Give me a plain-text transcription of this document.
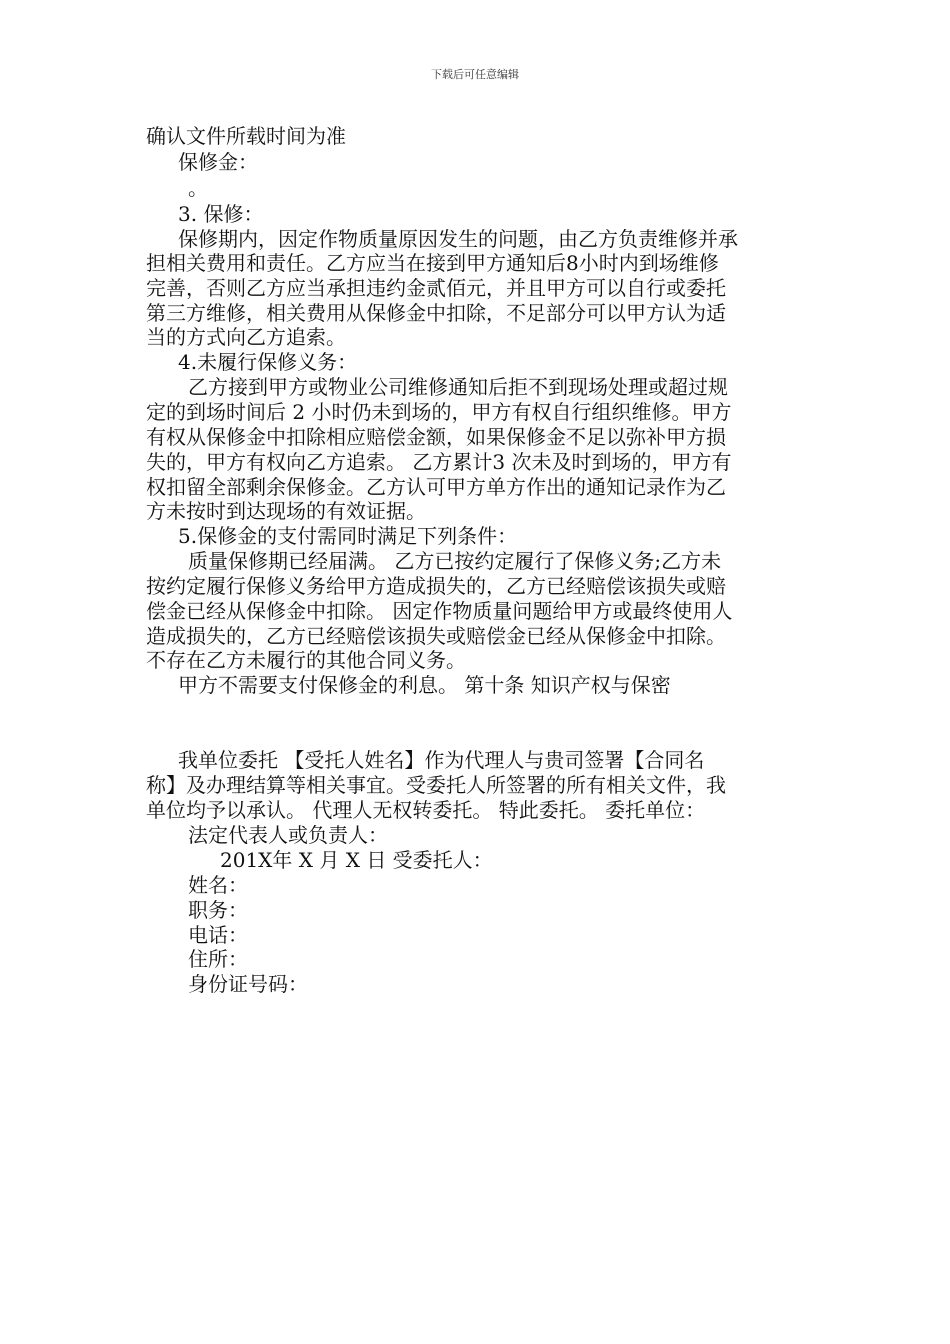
下载后可任意编辑
确认文件所载时间为准
保修金：
。
3. 保修：
保修期内，因定作物质量原因发生的问题，由乙方负责维修并承
担相关费用和责任。乙方应当在接到甲方通知后8小时内到场维修
完善，否则乙方应当承担违约金贰佰元，并且甲方可以自行或委托
第三方维修，相关费用从保修金中扣除，不足部分可以甲方认为适
当的方式向乙方追索。
4.未履行保修义务：
乙方接到甲方或物业公司维修通知后拒不到现场处理或超过规
定的到场时间后 2 小时仍未到场的，甲方有权自行组织维修。甲方
有权从保修金中扣除相应赔偿金额，如果保修金不足以弥补甲方损
失的，甲方有权向乙方追索。 乙方累计3 次未及时到场的，甲方有
权扣留全部剩余保修金。乙方认可甲方单方作出的通知记录作为乙
方未按时到达现场的有效证据。
5.保修金的支付需同时满足下列条件：
质量保修期已经届满。 乙方已按约定履行了保修义务;乙方未
按约定履行保修义务给甲方造成损失的，乙方已经赔偿该损失或赔
偿金已经从保修金中扣除。 因定作物质量问题给甲方或最终使用人
造成损失的，乙方已经赔偿该损失或赔偿金已经从保修金中扣除。
不存在乙方未履行的其他合同义务。
甲方不需要支付保修金的利息。 第十条 知识产权与保密
我单位委托 【受托人姓名】作为代理人与贵司签署【合同名
称】及办理结算等相关事宜。受委托人所签署的所有相关文件，我
单位均予以承认。 代理人无权转委托。 特此委托。 委托单位：
法定代表人或负责人：
201X年 X 月 X 日 受委托人：
姓名：
职务：
电话：
住所：
身份证号码：
